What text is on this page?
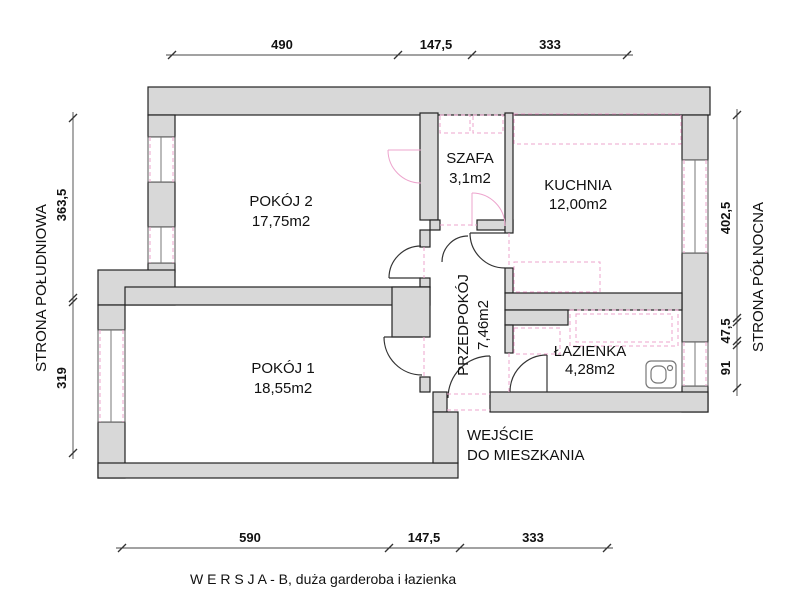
490	147,5	333
590	147,5	333
363,5
319
402,5
47,5
91
STRONA POŁUDNIOWA	STRONA PÓŁNOCNA
POKÓJ 2
17,75m2
POKÓJ 1
18,55m2
SZAFA
3,1m2	KUCHNIA
12,00m2
PRZEDPOKÓJ 7,46m2
ŁAZIENKA
4,28m2
WEJŚCIE
DO MIESZKANIA
W E R S J A - B, duża garderoba i łazienka
